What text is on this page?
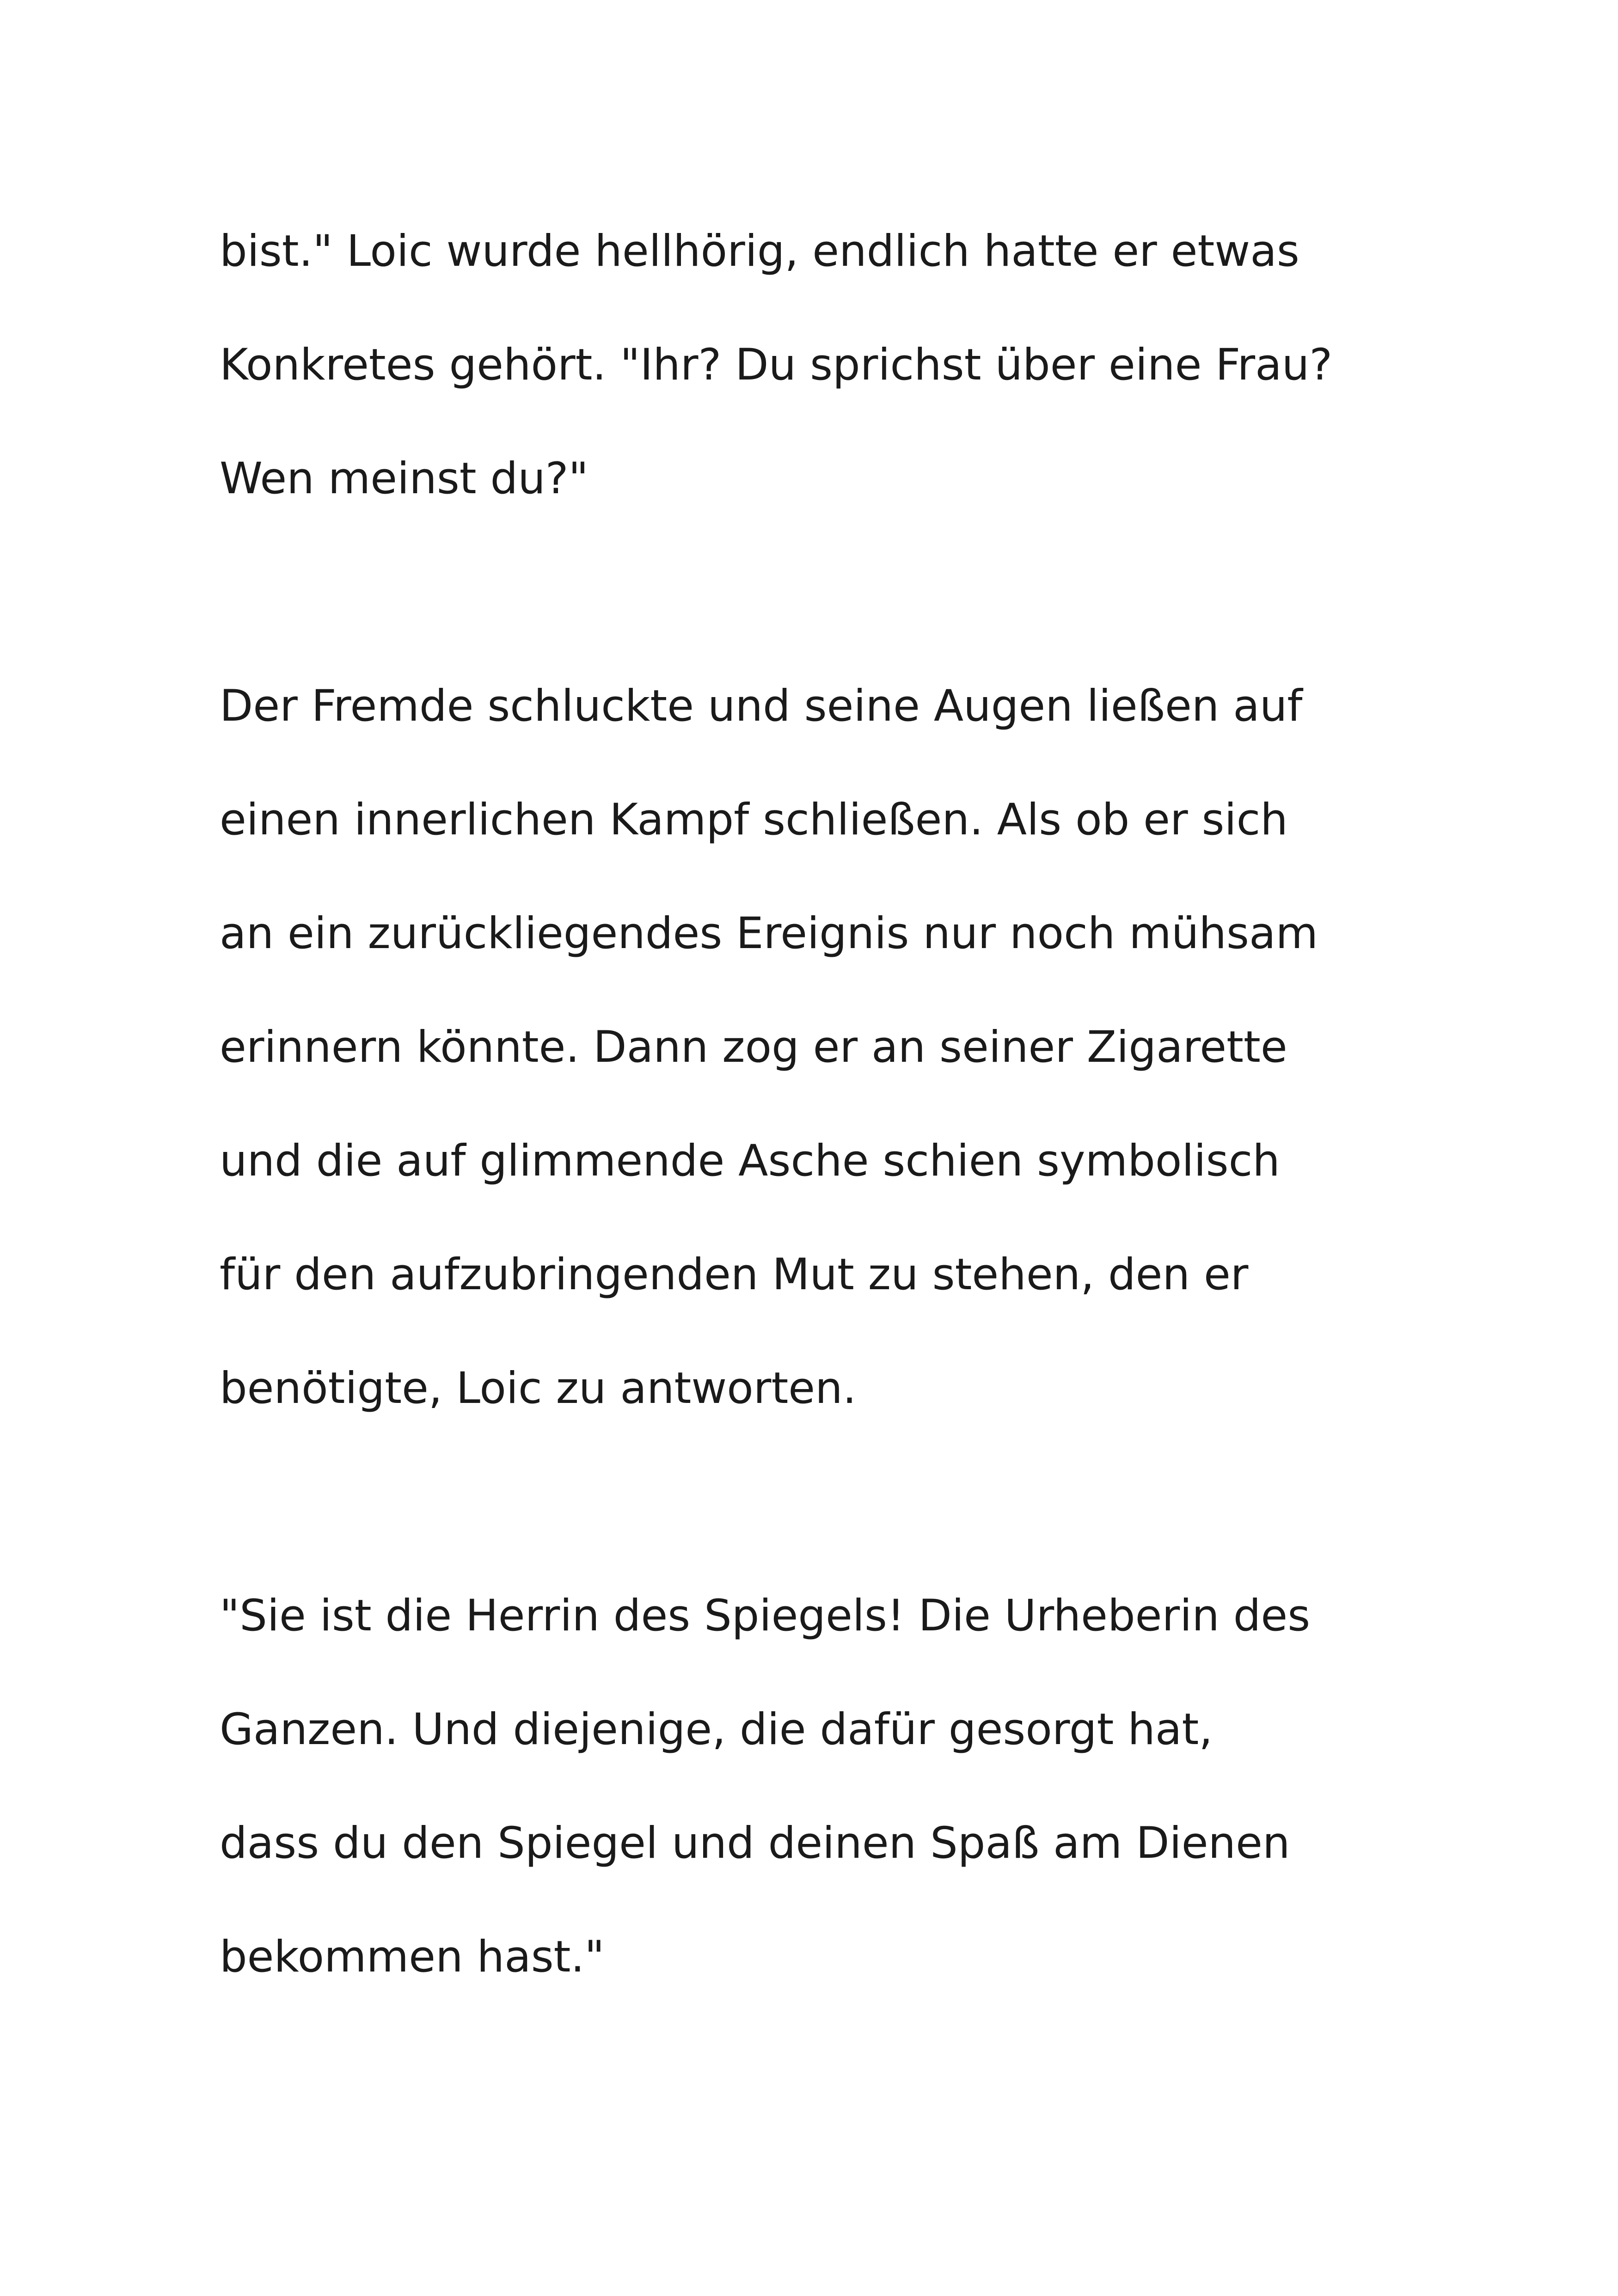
bist." Loic wurde hellhörig, endlich hatte er etwas

Konkretes gehört. "Ihr? Du sprichst über eine Frau?

Wen meinst du?"

Der Fremde schluckte und seine Augen ließen auf

einen innerlichen Kampf schließen. Als ob er sich

an ein zurückliegendes Ereignis nur noch mühsam

erinnern könnte. Dann zog er an seiner Zigarette

und die auf glimmende Asche schien symbolisch

für den aufzubringenden Mut zu stehen, den er

benötigte, Loic zu antworten.

"Sie ist die Herrin des Spiegels! Die Urheberin des

Ganzen. Und diejenige, die dafür gesorgt hat,

dass du den Spiegel und deinen Spaß am Dienen

bekommen hast."
